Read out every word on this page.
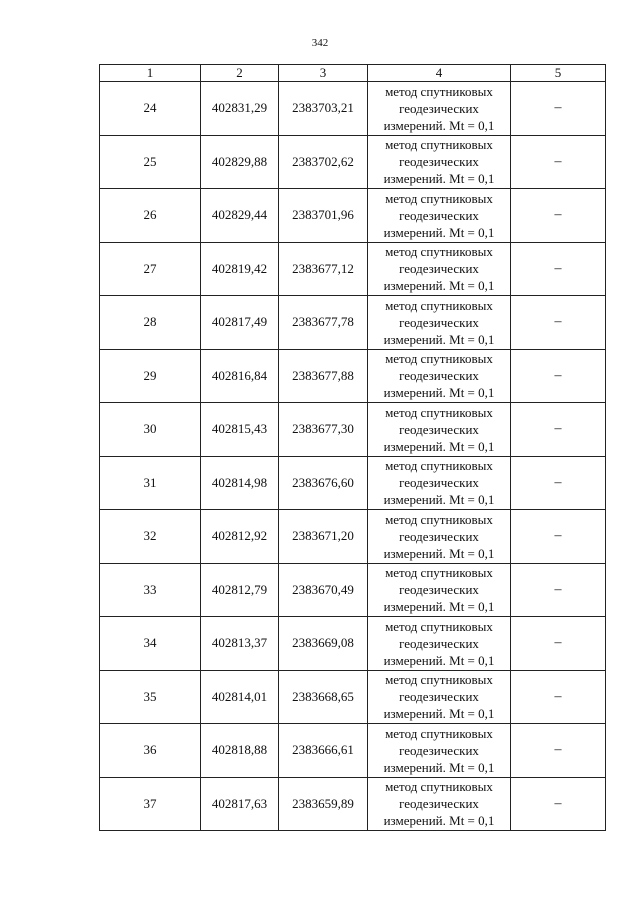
342
1	2	3	4	5
24	402831,29	2383703,21	метод спутниковых
геодезических
измерений. Mt = 0,1	–
25	402829,88	2383702,62	метод спутниковых
геодезических
измерений. Mt = 0,1	–
26	402829,44	2383701,96	метод спутниковых
геодезических
измерений. Mt = 0,1	–
27	402819,42	2383677,12	метод спутниковых
геодезических
измерений. Mt = 0,1	–
28	402817,49	2383677,78	метод спутниковых
геодезических
измерений. Mt = 0,1	–
29	402816,84	2383677,88	метод спутниковых
геодезических
измерений. Mt = 0,1	–
30	402815,43	2383677,30	метод спутниковых
геодезических
измерений. Mt = 0,1	–
31	402814,98	2383676,60	метод спутниковых
геодезических
измерений. Mt = 0,1	–
32	402812,92	2383671,20	метод спутниковых
геодезических
измерений. Mt = 0,1	–
33	402812,79	2383670,49	метод спутниковых
геодезических
измерений. Mt = 0,1	–
34	402813,37	2383669,08	метод спутниковых
геодезических
измерений. Mt = 0,1	–
35	402814,01	2383668,65	метод спутниковых
геодезических
измерений. Mt = 0,1	–
36	402818,88	2383666,61	метод спутниковых
геодезических
измерений. Mt = 0,1	–
37	402817,63	2383659,89	метод спутниковых
геодезических
измерений. Mt = 0,1	–
